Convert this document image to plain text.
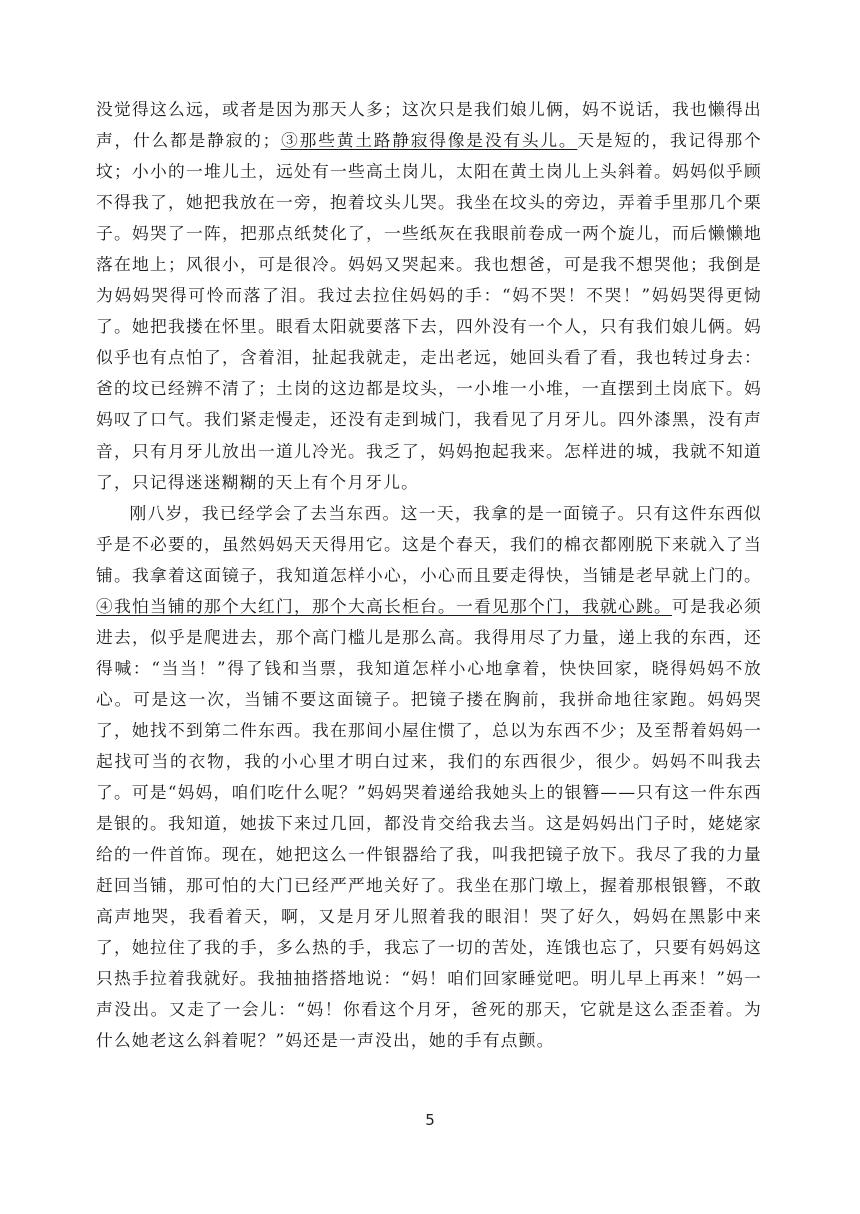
没觉得这么远，或者是因为那天人多；这次只是我们娘儿俩，妈不说话，我也懒得出声，什么都是静寂的；③那些黄土路静寂得像是没有头儿。天是短的，我记得那个坟；小小的一堆儿土，远处有一些高土岗儿，太阳在黄土岗儿上头斜着。妈妈似乎顾不得我了，她把我放在一旁，抱着坟头儿哭。我坐在坟头的旁边，弄着手里那几个栗子。妈哭了一阵，把那点纸焚化了，一些纸灰在我眼前卷成一两个旋儿，而后懒懒地落在地上；风很小，可是很冷。妈妈又哭起来。我也想爸，可是我不想哭他；我倒是为妈妈哭得可怜而落了泪。我过去拉住妈妈的手：“妈不哭！不哭！”妈妈哭得更恸了。她把我搂在怀里。眼看太阳就要落下去，四外没有一个人，只有我们娘儿俩。妈似乎也有点怕了，含着泪，扯起我就走，走出老远，她回头看了看，我也转过身去：爸的坟已经辨不清了；土岗的这边都是坟头，一小堆一小堆，一直摆到土岗底下。妈妈叹了口气。我们紧走慢走，还没有走到城门，我看见了月牙儿。四外漆黑，没有声音，只有月牙儿放出一道儿冷光。我乏了，妈妈抱起我来。怎样进的城，我就不知道了，只记得迷迷糊糊的天上有个月牙儿。

刚八岁，我已经学会了去当东西。这一天，我拿的是一面镜子。只有这件东西似乎是不必要的，虽然妈妈天天得用它。这是个春天，我们的棉衣都刚脱下来就入了当铺。我拿着这面镜子，我知道怎样小心，小心而且要走得快，当铺是老早就上门的。④我怕当铺的那个大红门，那个大高长柜台。一看见那个门，我就心跳。可是我必须进去，似乎是爬进去，那个高门槛儿是那么高。我得用尽了力量，递上我的东西，还得喊：“当当！”得了钱和当票，我知道怎样小心地拿着，快快回家，晓得妈妈不放心。可是这一次，当铺不要这面镜子。把镜子搂在胸前，我拼命地往家跑。妈妈哭了，她找不到第二件东西。我在那间小屋住惯了，总以为东西不少；及至帮着妈妈一起找可当的衣物，我的小心里才明白过来，我们的东西很少，很少。妈妈不叫我去了。可是“妈妈，咱们吃什么呢？”妈妈哭着递给我她头上的银簪——只有这一件东西是银的。我知道，她拔下来过几回，都没肯交给我去当。这是妈妈出门子时，姥姥家给的一件首饰。现在，她把这么一件银器给了我，叫我把镜子放下。我尽了我的力量赶回当铺，那可怕的大门已经严严地关好了。我坐在那门墩上，握着那根银簪，不敢高声地哭，我看着天，啊，又是月牙儿照着我的眼泪！哭了好久，妈妈在黑影中来了，她拉住了我的手，多么热的手，我忘了一切的苦处，连饿也忘了，只要有妈妈这只热手拉着我就好。我抽抽搭搭地说：“妈！咱们回家睡觉吧。明儿早上再来！”妈一声没出。又走了一会儿：“妈！你看这个月牙，爸死的那天，它就是这么歪歪着。为什么她老这么斜着呢？”妈还是一声没出，她的手有点颤。

5
